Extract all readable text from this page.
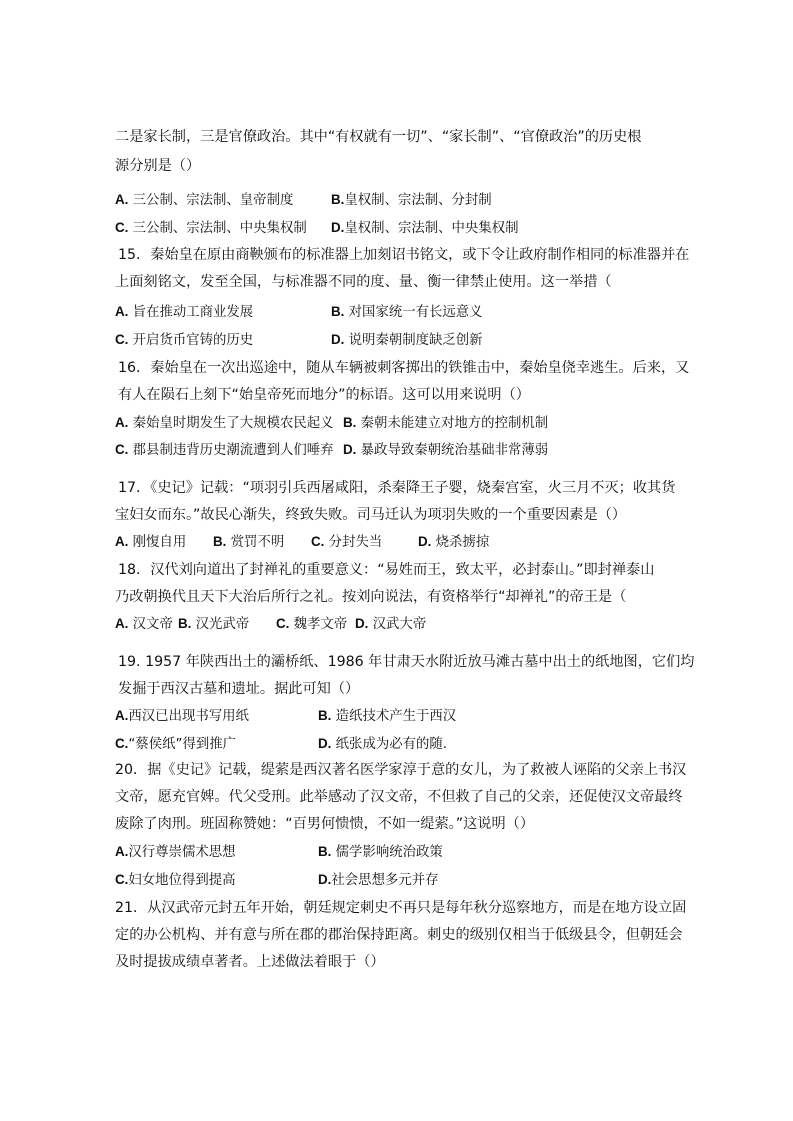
二是家长制，三是官僚政治。其中“有权就有一切”、“家长制”、“官僚政治”的历史根
源分别是（）
A. 三公制、宗法制、皇帝制度	B.皇权制、宗法制、分封制
C. 三公制、宗法制、中央集权制 D.皇权制、宗法制、中央集权制
15．秦始皇在原由商鞅颁布的标准器上加刻诏书铭文，或下令让政府制作相同的标准器并在
上面刻铭文，发至全国，与标准器不同的度、量、衡一律禁止使用。这一举措（
A. 旨在推动工商业发展	B. 对国家统一有长远意义
C. 开启货币官铸的历史	D. 说明秦朝制度缺乏创新
16．秦始皇在一次出巡途中，随从车辆被刺客掷出的铁锥击中，秦始皇侥幸逃生。后来，又
有人在陨石上刻下“始皇帝死而地分”的标语。这可以用来说明（）
A. 秦始皇时期发生了大规模农民起义 B. 秦朝未能建立对地方的控制机制
C. 郡县制违背历史潮流遭到人们唾弃 D. 暴政导致秦朝统治基础非常薄弱
17．《史记》记载：“项羽引兵西屠咸阳，杀秦降王子婴，烧秦宫室，火三月不灭；收其货
宝妇女而东。”故民心渐失，终致失败。司马迁认为项羽失败的一个重要因素是（）
A. 刚愎自用 B. 赏罚不明 C. 分封失当	D. 烧杀掳掠
18．汉代刘向道出了封禅礼的重要意义：“易姓而王，致太平，必封泰山。”即封禅泰山
乃改朝换代且天下大治后所行之礼。按刘向说法，有资格举行“却禅礼”的帝王是（
A. 汉文帝 B. 汉光武帝 C. 魏孝文帝 D. 汉武大帝
19. 1957 年陕西出土的灞桥纸、1986 年甘肃天水附近放马滩古墓中出土的纸地图，它们均
发掘于西汉古墓和遗址。据此可知（）
A.西汉已出现书写用纸	B. 造纸技术产生于西汉
C.“蔡侯纸”得到推广	D. 纸张成为必有的随.
20．据《史记》记载，缇萦是西汉著名医学家淳于意的女儿，为了救被人诬陷的父亲上书汉
文帝，愿充官婢。代父受刑。此举感动了汉文帝，不但救了自己的父亲，还促使汉文帝最终
废除了肉刑。班固称赞她：“百男何愦愦，不如一缇萦。”这说明（）
A.汉行尊崇儒术思想	B. 儒学影响统治政策
C.妇女地位得到提高	D.社会思想多元并存
21．从汉武帝元封五年开始，朝廷规定刺史不再只是每年秋分巡察地方，而是在地方设立固
定的办公机构、并有意与所在郡的郡治保持距离。刺史的级别仅相当于低级县令，但朝廷会
及时提拔成绩卓著者。上述做法着眼于（）
